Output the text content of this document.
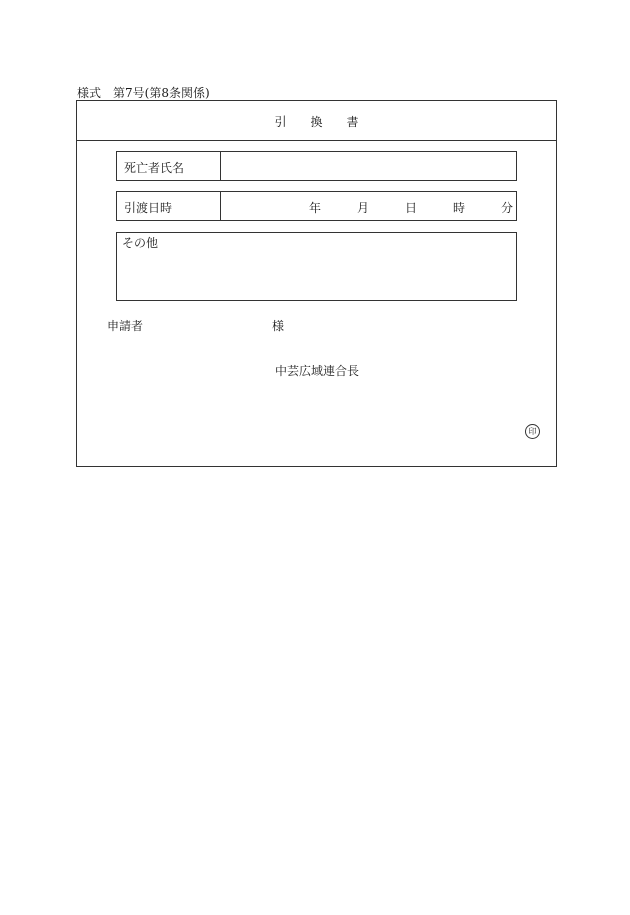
様式　第7号(第8条関係)
引　　換　　書
死亡者氏名
引渡日時	年	月	日	時	分
その他
申請者	様
中芸広域連合長
印
